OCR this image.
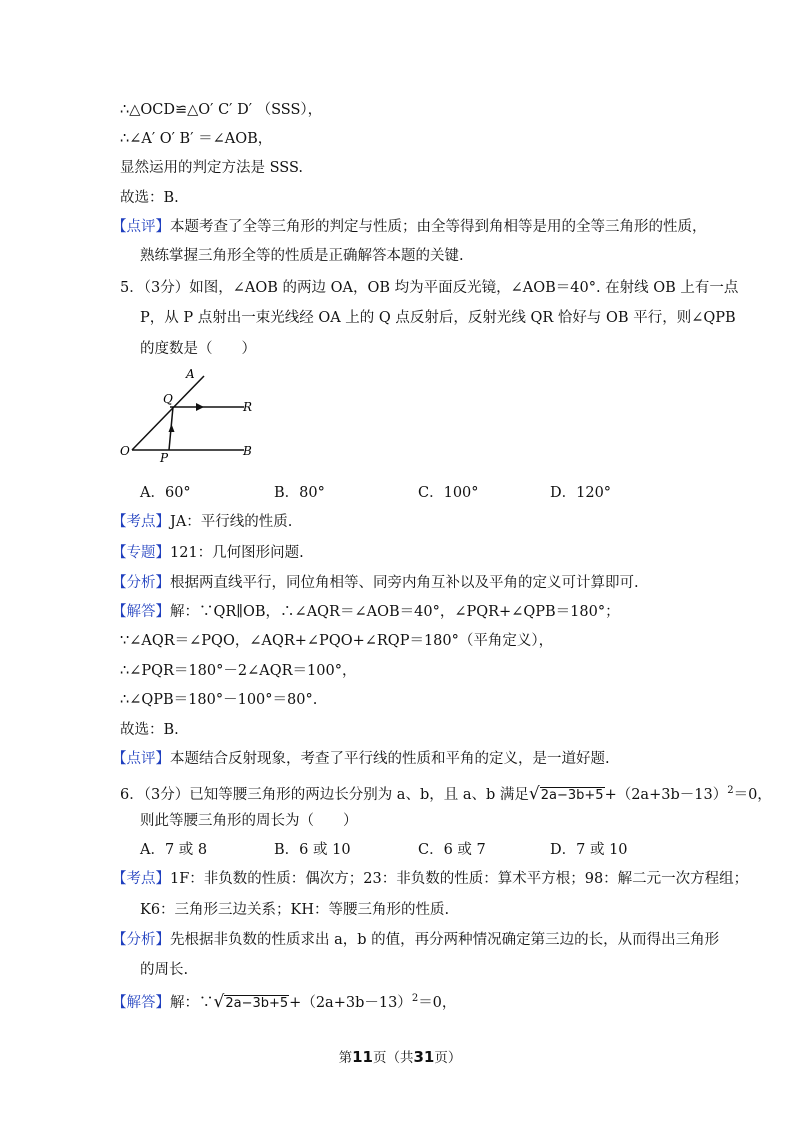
∴△OCD≌△O′ C′ D′ （SSS），
∴∠A′ O′ B′ ＝∠AOB，
显然运用的判定方法是 SSS.
故选：B.
【点评】本题考查了全等三角形的判定与性质；由全等得到角相等是用的全等三角形的性质，
熟练掌握三角形全等的性质是正确解答本题的关键.
5．（3分）如图，∠AOB 的两边 OA，OB 均为平面反光镜，∠AOB＝40°. 在射线 OB 上有一点
P，从 P 点射出一束光线经 OA 上的 Q 点反射后，反射光线 QR 恰好与 OB 平行，则∠QPB
的度数是（　　）
A
Q
R
O	P	B
A．60°	B．80°	C．100°	D．120°
【考点】JA：平行线的性质.
【专题】121：几何图形问题.
【分析】根据两直线平行，同位角相等、同旁内角互补以及平角的定义可计算即可.
【解答】解：∵QR∥OB，∴∠AQR＝∠AOB＝40°，∠PQR+∠QPB＝180°；
∵∠AQR＝∠PQO，∠AQR+∠PQO+∠RQP＝180°（平角定义），
∴∠PQR＝180°－2∠AQR＝100°，
∴∠QPB＝180°－100°＝80°.
故选：B.
【点评】本题结合反射现象，考查了平行线的性质和平角的定义，是一道好题.
6．（3分）已知等腰三角形的两边长分别为 a、b，且 a、b 满足$√2a-3b+5+(2a+3b-13)^2=0$，
则此等腰三角形的周长为（　　）
A．7 或 8	B．6 或 10	C．6 或 7	D．7 或 10
【考点】1F：非负数的性质：偶次方；23：非负数的性质：算术平方根；98：解二元一次方程组；
K6：三角形三边关系；KH：等腰三角形的性质.
【分析】先根据非负数的性质求出 a，b 的值，再分两种情况确定第三边的长，从而得出三角形
的周长.
【解答】解：$\because√2a-3b+5+(2a+3b-13)^2=0$，
第11页（共31页）
